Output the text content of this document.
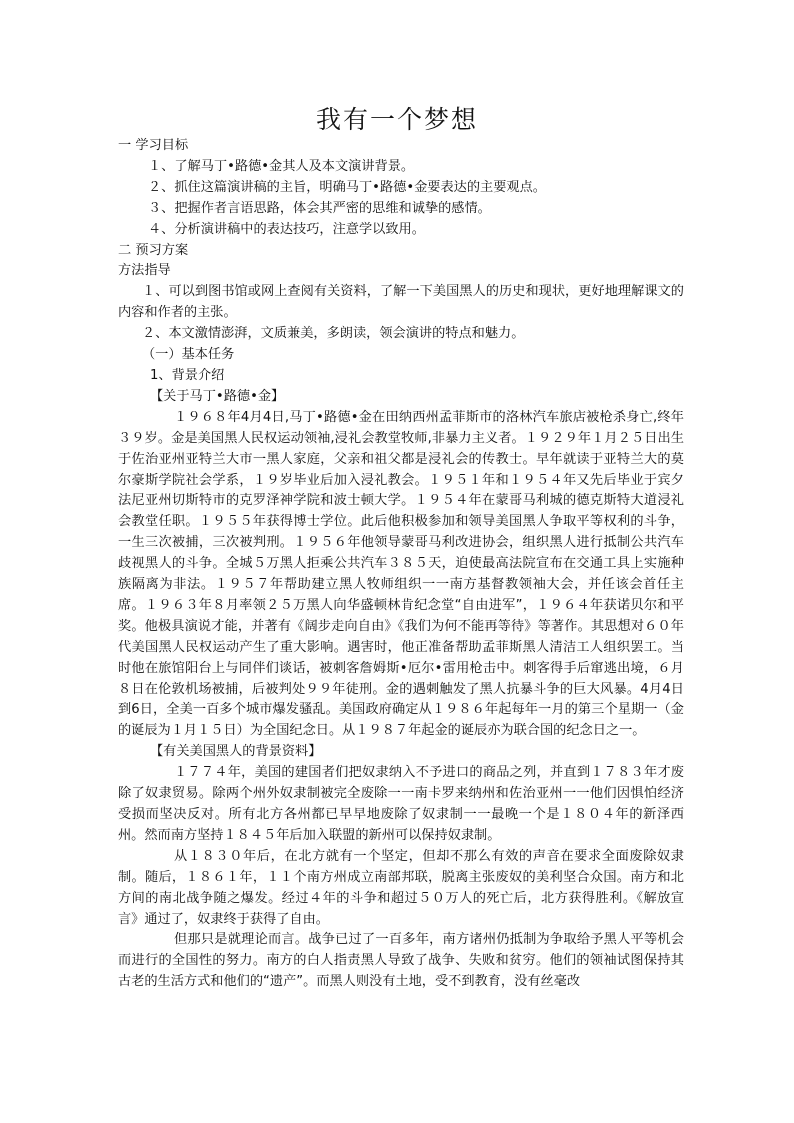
我有一个梦想

一 学习目标

１、了解马丁•路德•金其人及本文演讲背景。

２、抓住这篇演讲稿的主旨，明确马丁•路德•金要表达的主要观点。

３、把握作者言语思路，体会其严密的思维和诚挚的感情。

４、分析演讲稿中的表达技巧，注意学以致用。

二 预习方案

方法指导

１、可以到图书馆或网上查阅有关资料，了解一下美国黑人的历史和现状，更好地理解课文的内容和作者的主张。

２、本文激情澎湃，文质兼美，多朗读，领会演讲的特点和魅力。

（一）基本任务

1、背景介绍

【关于马丁•路德•金】

１９６８年4月4日,马丁•路德•金在田纳西州孟菲斯市的洛林汽车旅店被枪杀身亡,终年３９岁。金是美国黑人民权运动领袖,浸礼会教堂牧师,非暴力主义者。１９２９年１月２５日出生于佐治亚州亚特兰大市一黑人家庭，父亲和祖父都是浸礼会的传教士。早年就读于亚特兰大的莫尔豪斯学院社会学系，１９岁毕业后加入浸礼教会。１９５１年和１９５４年又先后毕业于宾夕法尼亚州切斯特市的克罗泽神学院和波士顿大学。１９５４年在蒙哥马利城的德克斯特大道浸礼会教堂任职。１９５５年获得博士学位。此后他积极参加和领导美国黑人争取平等权利的斗争，一生三次被捕，三次被判刑。１９５６年他领导蒙哥马利改进协会，组织黑人进行抵制公共汽车歧视黑人的斗争。全城５万黑人拒乘公共汽车３８５天，迫使最高法院宣布在交通工具上实施种族隔离为非法。１９５７年帮助建立黑人牧师组织一一南方基督教领袖大会，并任该会首任主席。１９６３年８月率领２５万黑人向华盛顿林肯纪念堂“自由进军”，１９６４年获诺贝尔和平奖。他极具演说才能，并著有《阔步走向自由》《我们为何不能再等待》等著作。其思想对６０年代美国黑人民权运动产生了重大影响。遇害时，他正准备帮助孟菲斯黑人清洁工人组织罢工。当时他在旅馆阳台上与同伴们谈话，被刺客詹姆斯•厄尔•雷用枪击中。刺客得手后窜逃出境，６月８日在伦敦机场被捕，后被判处９９年徒刑。金的遇刺触发了黑人抗暴斗争的巨大风暴。4月4日到6日，全美一百多个城市爆发骚乱。美国政府确定从１９８６年起每年一月的第三个星期一（金的诞辰为１月１５日）为全国纪念日。从１９８７年起金的诞辰亦为联合国的纪念日之一。

【有关美国黑人的背景资料】

１７７４年，美国的建国者们把奴隶纳入不予进口的商品之列，并直到１７８３年才废除了奴隶贸易。除两个州外奴隶制被完全废除一一南卡罗来纳州和佐治亚州一一他们因惧怕经济受损而坚决反对。所有北方各州都已早早地废除了奴隶制一一最晚一个是１８０４年的新泽西州。然而南方坚持１８４５年后加入联盟的新州可以保持奴隶制。

从１８３０年后，在北方就有一个坚定，但却不那么有效的声音在要求全面废除奴隶制。随后，１８６１年，１１个南方州成立南部邦联，脱离主张废奴的美利坚合众国。南方和北方间的南北战争随之爆发。经过４年的斗争和超过５０万人的死亡后，北方获得胜利。《解放宣言》通过了，奴隶终于获得了自由。

但那只是就理论而言。战争已过了一百多年，南方诸州仍抵制为争取给予黑人平等机会而进行的全国性的努力。南方的白人指责黑人导致了战争、失败和贫穷。他们的领袖试图保持其古老的生活方式和他们的“遗产”。而黑人则没有土地，受不到教育，没有丝毫改
